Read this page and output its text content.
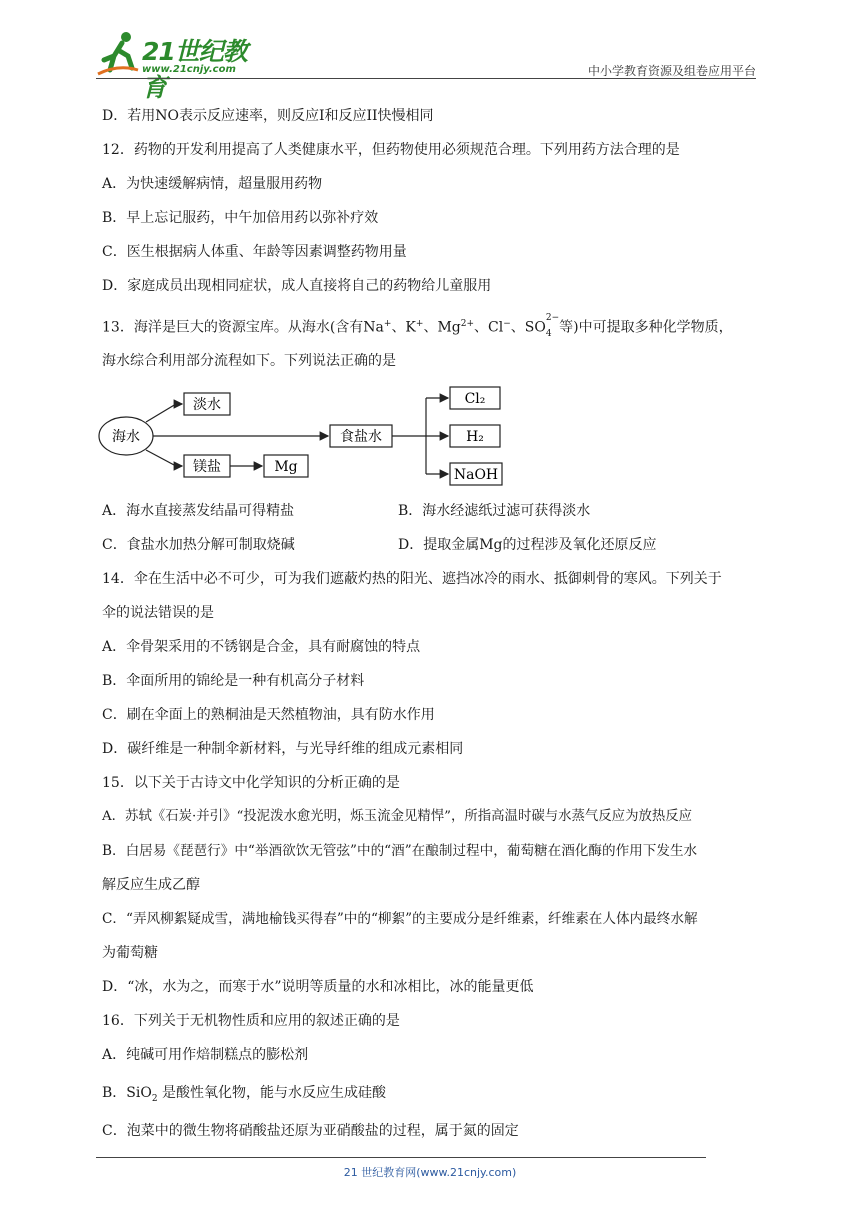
21世纪教育
www.21cnjy.com	中小学教育资源及组卷应用平台
D．若用NO表示反应速率，则反应I和反应II快慢相同
12．药物的开发利用提高了人类健康水平，但药物使用必须规范合理。下列用药方法合理的是
A．为快速缓解病情，超量服用药物
B．早上忘记服药，中午加倍用药以弥补疗效
C．医生根据病人体重、年龄等因素调整药物用量
D．家庭成员出现相同症状，成人直接将自己的药物给儿童服用
13．海洋是巨大的资源宝库。从海水(含有Na+、K+、$Mg^{2+}$、Cl−、$SO^{2-}$
4 等)中可提取多种化学物质，
海水综合利用部分流程如下。下列说法正确的是
海水
淡水
镁盐	Mg
食盐水
Cl₂
H₂
NaOH
A．海水直接蒸发结晶可得精盐	B．海水经滤纸过滤可获得淡水
C．食盐水加热分解可制取烧碱	D．提取金属Mg的过程涉及氧化还原反应
14．伞在生活中必不可少，可为我们遮蔽灼热的阳光、遮挡冰冷的雨水、抵御刺骨的寒风。下列关于
伞的说法错误的是
A．伞骨架采用的不锈钢是合金，具有耐腐蚀的特点
B．伞面所用的锦纶是一种有机高分子材料
C．刷在伞面上的熟桐油是天然植物油，具有防水作用
D．碳纤维是一种制伞新材料，与光导纤维的组成元素相同
15．以下关于古诗文中化学知识的分析正确的是
A．苏轼《石炭·并引》“投泥泼水愈光明，烁玉流金见精悍”，所指高温时碳与水蒸气反应为放热反应
B．白居易《琵琶行》中“举酒欲饮无管弦”中的“酒”在酿制过程中，葡萄糖在酒化酶的作用下发生水
解反应生成乙醇
C．“弄风柳絮疑成雪，满地榆钱买得春”中的“柳絮”的主要成分是纤维素，纤维素在人体内最终水解
为葡萄糖
D．“冰，水为之，而寒于水”说明等质量的水和冰相比，冰的能量更低
16．下列关于无机物性质和应用的叙述正确的是
A．纯碱可用作焙制糕点的膨松剂
B．SiO$_2$ 是酸性氧化物，能与水反应生成硅酸
C．泡菜中的微生物将硝酸盐还原为亚硝酸盐的过程，属于氮的固定
21 世纪教育网(www.21cnjy.com)
